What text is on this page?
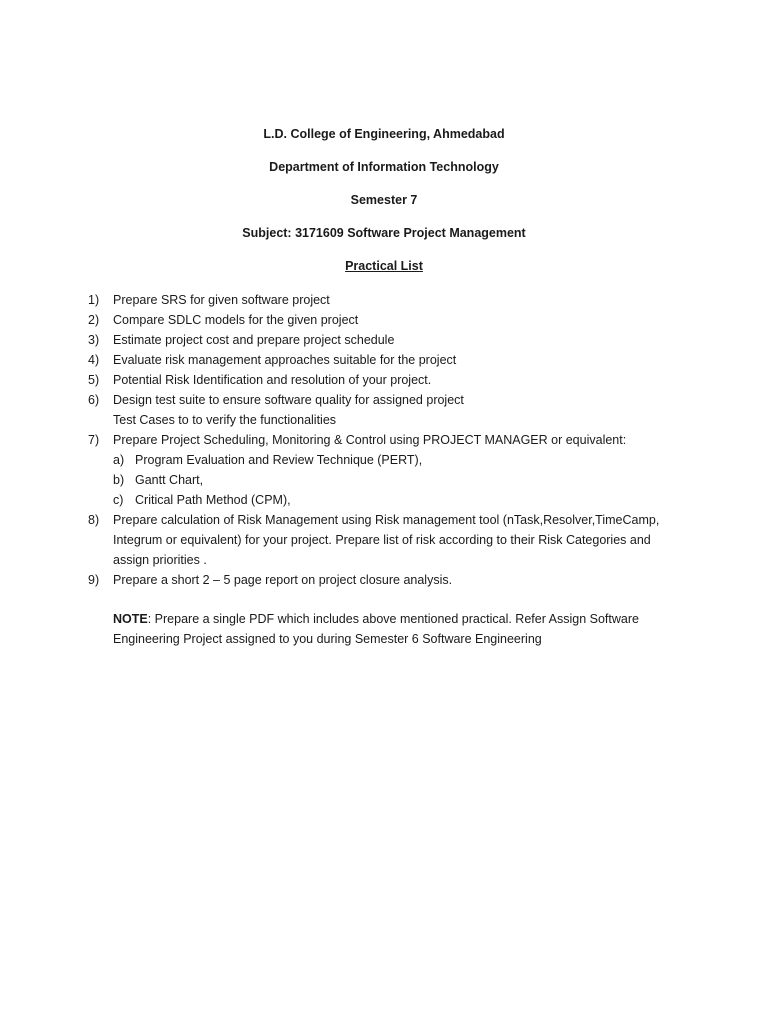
L.D. College of Engineering, Ahmedabad
Department of Information Technology
Semester 7
Subject: 3171609 Software Project Management
Practical List
1)	Prepare SRS for given software project
2)	Compare SDLC models for the given project
3)	Estimate project cost and prepare project schedule
4)	Evaluate risk management approaches suitable for the project
5)	Potential Risk Identification and resolution of your project.
6)	Design test suite to ensure software quality for assigned project
Test Cases to to verify the functionalities
7)	Prepare Project Scheduling, Monitoring & Control using PROJECT MANAGER or equivalent:
a) Program Evaluation and Review Technique (PERT),
b) Gantt Chart,
c) Critical Path Method (CPM),
8)	Prepare calculation of Risk Management using Risk management tool (nTask,Resolver,TimeCamp,
Integrum or equivalent) for your project. Prepare list of risk according to their Risk Categories and
assign priorities .
9)	Prepare a short 2 – 5 page report on project closure analysis.
NOTE: Prepare a single PDF which includes above mentioned practical. Refer Assign Software
Engineering Project assigned to you during Semester 6 Software Engineering
